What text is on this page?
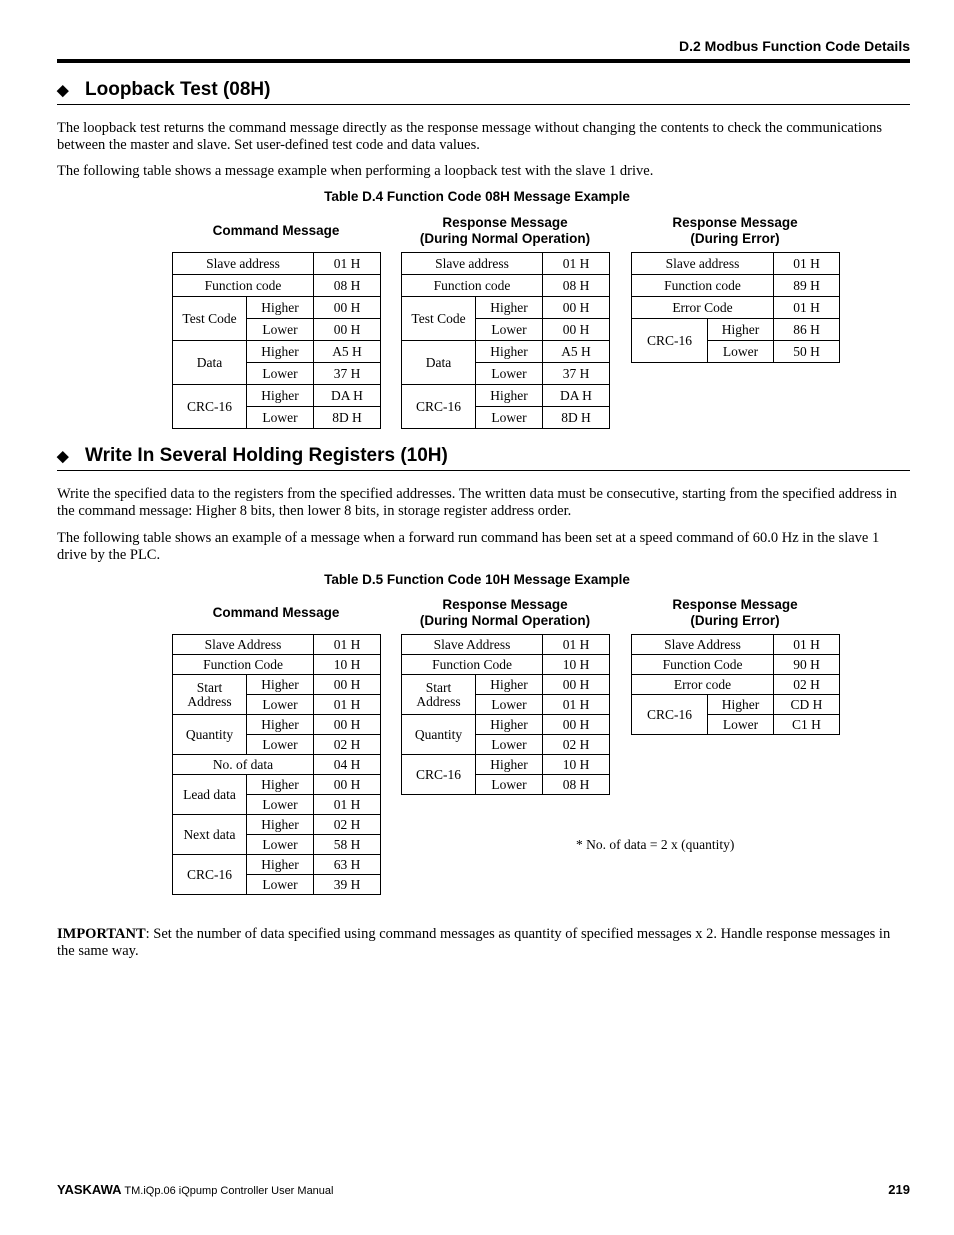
D.2 Modbus Function Code Details
◆ Loopback Test (08H)
The loopback test returns the command message directly as the response message without changing the contents to check the communications between the master and slave. Set user-defined test code and data values.
The following table shows a message example when performing a loopback test with the slave 1 drive.
Table D.4 Function Code 08H Message Example
Command Message
Response Message
(During Normal Operation)
Response Message
(During Error)
Slave address		01 H
Function code		08 H
Test Code	Higher	00 H
	Lower	00 H
Data	Higher	A5 H
	Lower	37 H
CRC-16	Higher	DA H
	Lower	8D H
Slave address		01 H
Function code		08 H
Test Code	Higher	00 H
	Lower	00 H
Data	Higher	A5 H
	Lower	37 H
CRC-16	Higher	DA H
	Lower	8D H
Slave address		01 H
Function code		89 H
Error Code		01 H
CRC-16	Higher	86 H
	Lower	50 H
◆ Write In Several Holding Registers (10H)
Write the specified data to the registers from the specified addresses. The written data must be consecutive, starting from the specified address in the command message: Higher 8 bits, then lower 8 bits, in storage register address order.
The following table shows an example of a message when a forward run command has been set at a speed command of 60.0 Hz in the slave 1 drive by the PLC.
Table D.5 Function Code 10H Message Example
Command Message
Response Message
(During Normal Operation)
Response Message
(During Error)
Slave Address		01 H
Function Code		10 H

Start
Address	Higher	00 H
	Lower	01 H
Quantity	Higher	00 H
	Lower	02 H
No. of data		04 H
Lead data	Higher	00 H
	Lower	01 H
Next data	Higher	02 H
	Lower	58 H
CRC-16	Higher	63 H
	Lower	39 H
Slave Address		01 H
Function Code		10 H

Start
Address	Higher	00 H
	Lower	01 H
Quantity	Higher	00 H
	Lower	02 H
CRC-16	Higher	10 H
	Lower	08 H
Slave Address		01 H
Function Code		90 H
Error code		02 H
CRC-16	Higher	CD H
	Lower	C1 H
* No. of data = 2 x (quantity)
IMPORTANT: Set the number of data specified using command messages as quantity of specified messages x 2. Handle response messages in the same way.
YASKAWA TM.iQp.06 iQpump Controller User Manual	219
